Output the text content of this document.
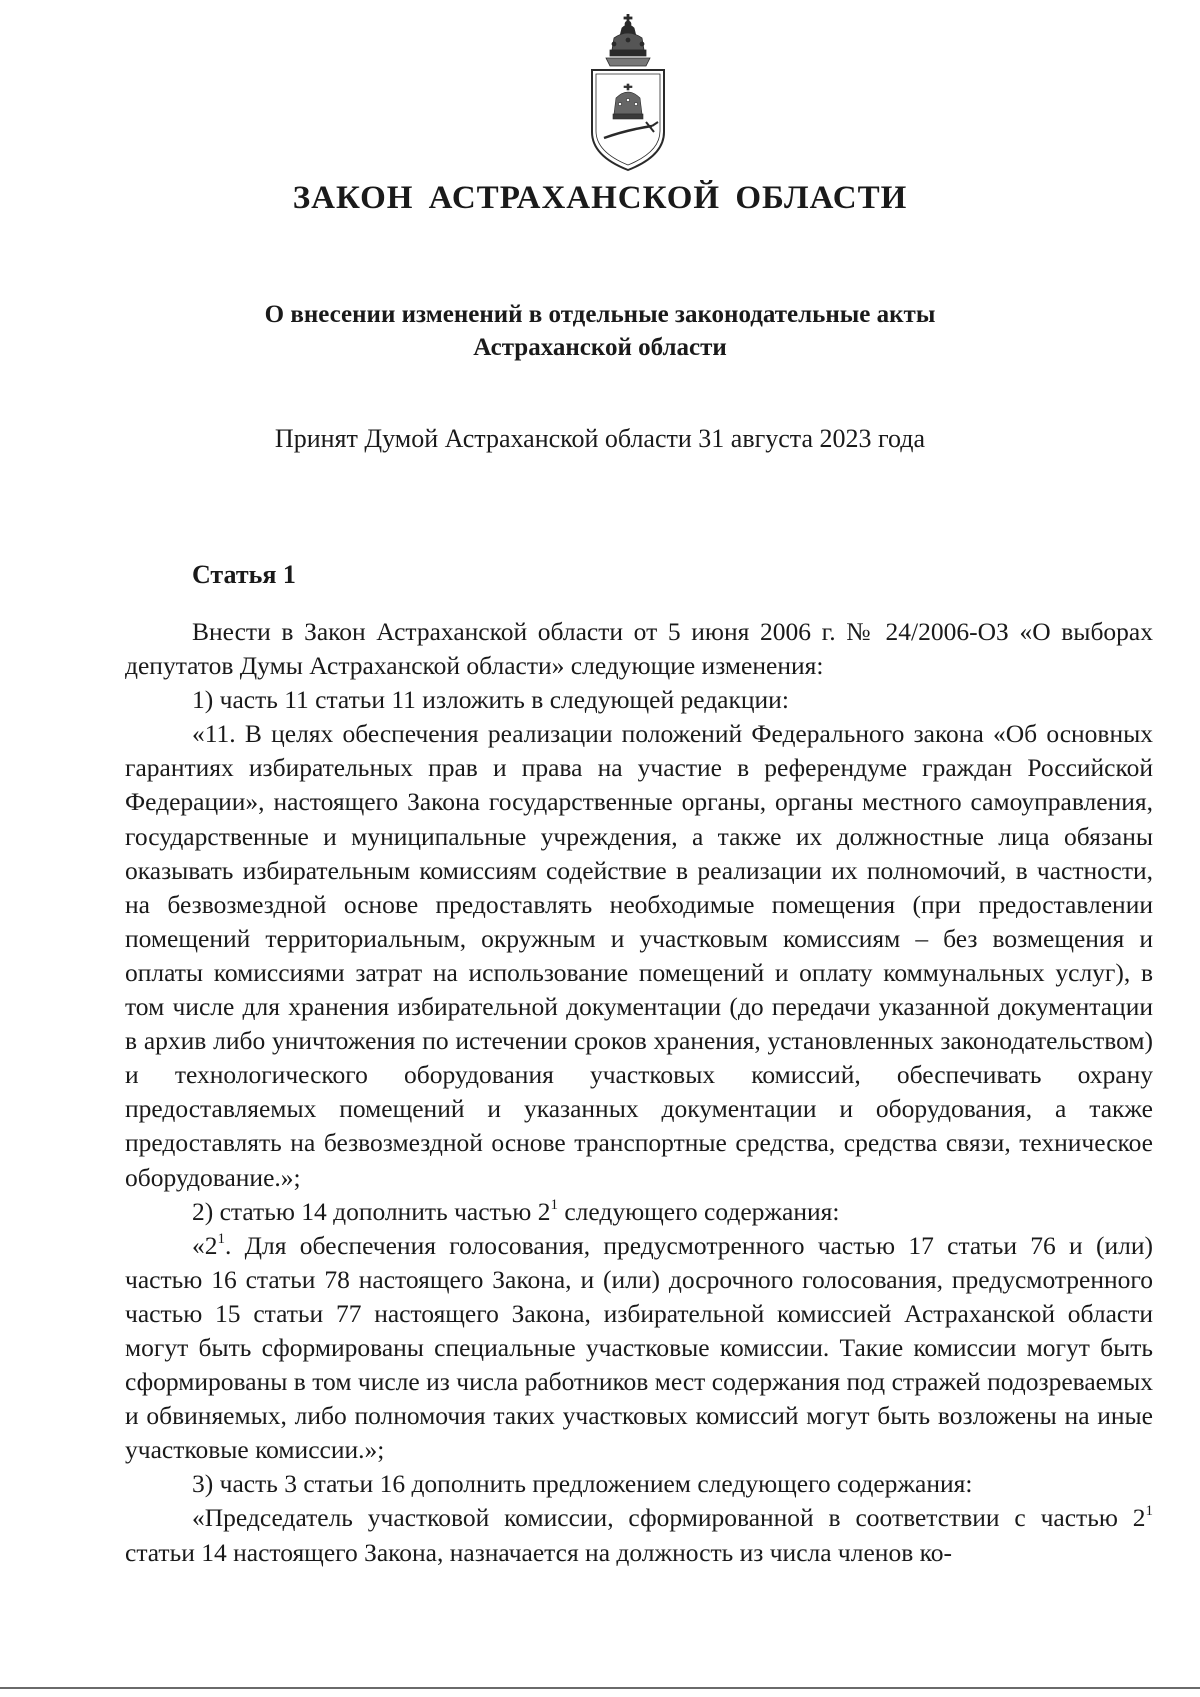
ЗАКОН АСТРАХАНСКОЙ ОБЛАСТИ
О внесении изменений в отдельные законодательные акты
Астраханской области

Принят Думой Астраханской области 31 августа 2023 года

Статья 1

Внести в Закон Астраханской области от 5 июня 2006 г. № 24/2006-ОЗ «О выборах депутатов Думы Астраханской области» следующие изменения:

1) часть 11 статьи 11 изложить в следующей редакции:

«11. В целях обеспечения реализации положений Федерального закона «Об основных гарантиях избирательных прав и права на участие в референдуме граждан Российской Федерации», настоящего Закона государственные органы, органы местного самоуправления, государственные и муниципальные учреждения, а также их должностные лица обязаны оказывать избирательным комиссиям содействие в реализации их полномочий, в частности, на безвозмездной основе предоставлять необходимые помещения (при предоставлении помещений территориальным, окружным и участковым комиссиям – без возмещения и оплаты комиссиями затрат на использование помещений и оплату коммунальных услуг), в том числе для хранения избирательной документации (до передачи указанной документации в архив либо уничтожения по истечении сроков хранения, установленных законодательством) и технологического оборудования участковых комиссий, обеспечивать охрану предоставляемых помещений и указанных документации и оборудования, а также предоставлять на безвозмездной основе транспортные средства, средства связи, техническое оборудование.»;

2) статью 14 дополнить частью $2^1$ следующего содержания:

«$2^1$. Для обеспечения голосования, предусмотренного частью 17 статьи 76 и (или) частью 16 статьи 78 настоящего Закона, и (или) досрочного голосования, предусмотренного частью 15 статьи 77 настоящего Закона, избирательной комиссией Астраханской области могут быть сформированы специальные участковые комиссии. Такие комиссии могут быть сформированы в том числе из числа работников мест содержания под стражей подозреваемых и обвиняемых, либо полномочия таких участковых комиссий могут быть возложены на иные участковые комиссии.»;

3) часть 3 статьи 16 дополнить предложением следующего содержания:

«Председатель участковой комиссии, сформированной в соответствии с частью $2^1$ статьи 14 настоящего Закона, назначается на должность из числа членов ко-
